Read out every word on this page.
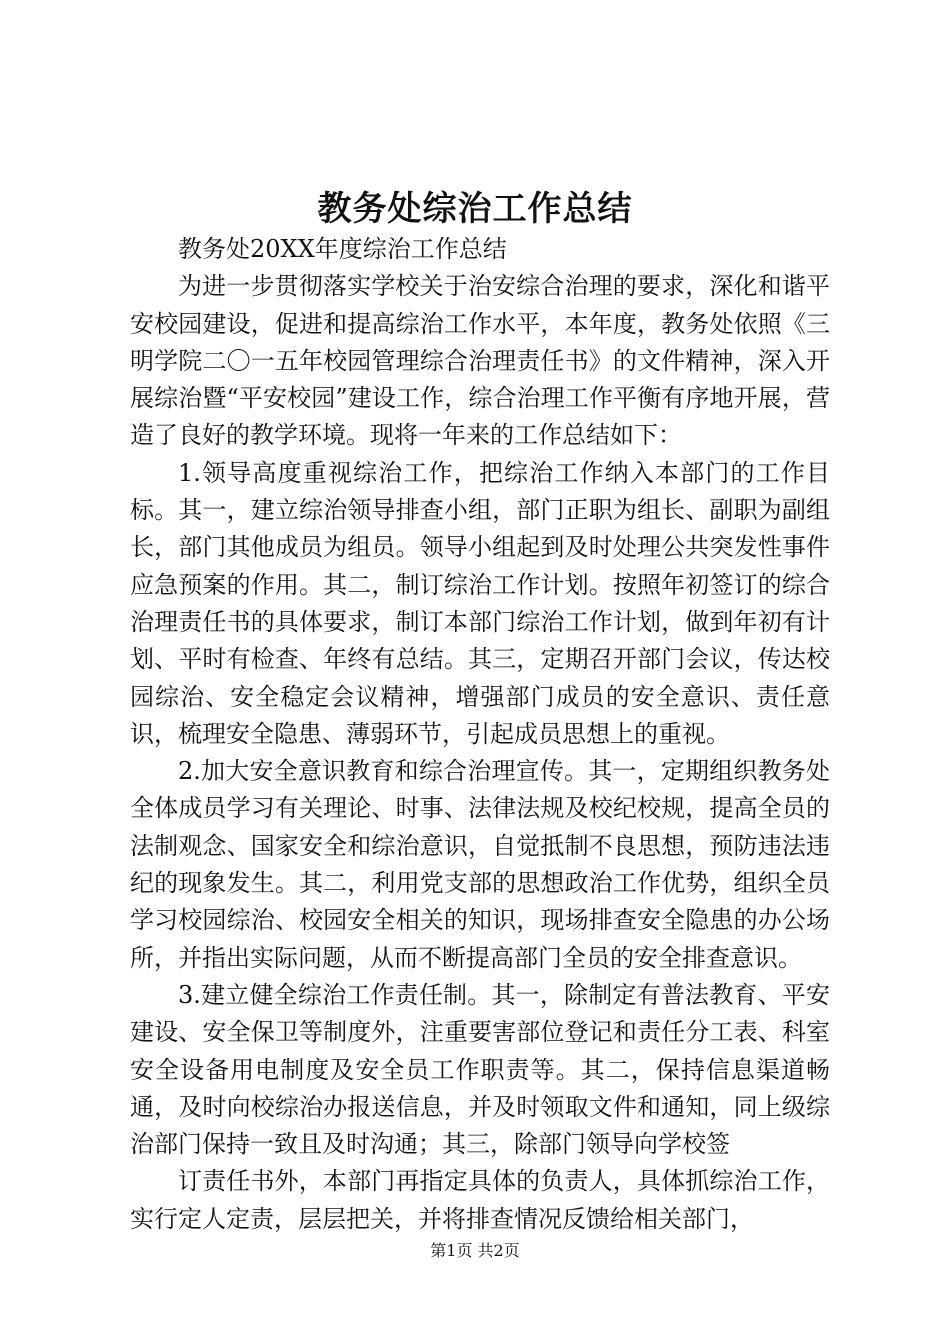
教务处综治工作总结

教务处20XX年度综治工作总结

为进一步贯彻落实学校关于治安综合治理的要求，深化和谐平安校园建设，促进和提高综治工作水平，本年度，教务处依照《三明学院二〇一五年校园管理综合治理责任书》的文件精神，深入开展综治暨“平安校园”建设工作，综合治理工作平衡有序地开展，营造了良好的教学环境。现将一年来的工作总结如下：

1.领导高度重视综治工作，把综治工作纳入本部门的工作目标。其一，建立综治领导排查小组，部门正职为组长、副职为副组长，部门其他成员为组员。领导小组起到及时处理公共突发性事件应急预案的作用。其二，制订综治工作计划。按照年初签订的综合治理责任书的具体要求，制订本部门综治工作计划，做到年初有计划、平时有检查、年终有总结。其三，定期召开部门会议，传达校园综治、安全稳定会议精神，增强部门成员的安全意识、责任意识，梳理安全隐患、薄弱环节，引起成员思想上的重视。

2.加大安全意识教育和综合治理宣传。其一，定期组织教务处全体成员学习有关理论、时事、法律法规及校纪校规，提高全员的法制观念、国家安全和综治意识，自觉抵制不良思想，预防违法违纪的现象发生。其二，利用党支部的思想政治工作优势，组织全员学习校园综治、校园安全相关的知识，现场排查安全隐患的办公场所，并指出实际问题，从而不断提高部门全员的安全排查意识。

3.建立健全综治工作责任制。其一，除制定有普法教育、平安建设、安全保卫等制度外，注重要害部位登记和责任分工表、科室安全设备用电制度及安全员工作职责等。其二，保持信息渠道畅通，及时向校综治办报送信息，并及时领取文件和通知，同上级综治部门保持一致且及时沟通；其三，除部门领导向学校签

订责任书外，本部门再指定具体的负责人，具体抓综治工作，实行定人定责，层层把关，并将排查情况反馈给相关部门，

第1页 共2页
